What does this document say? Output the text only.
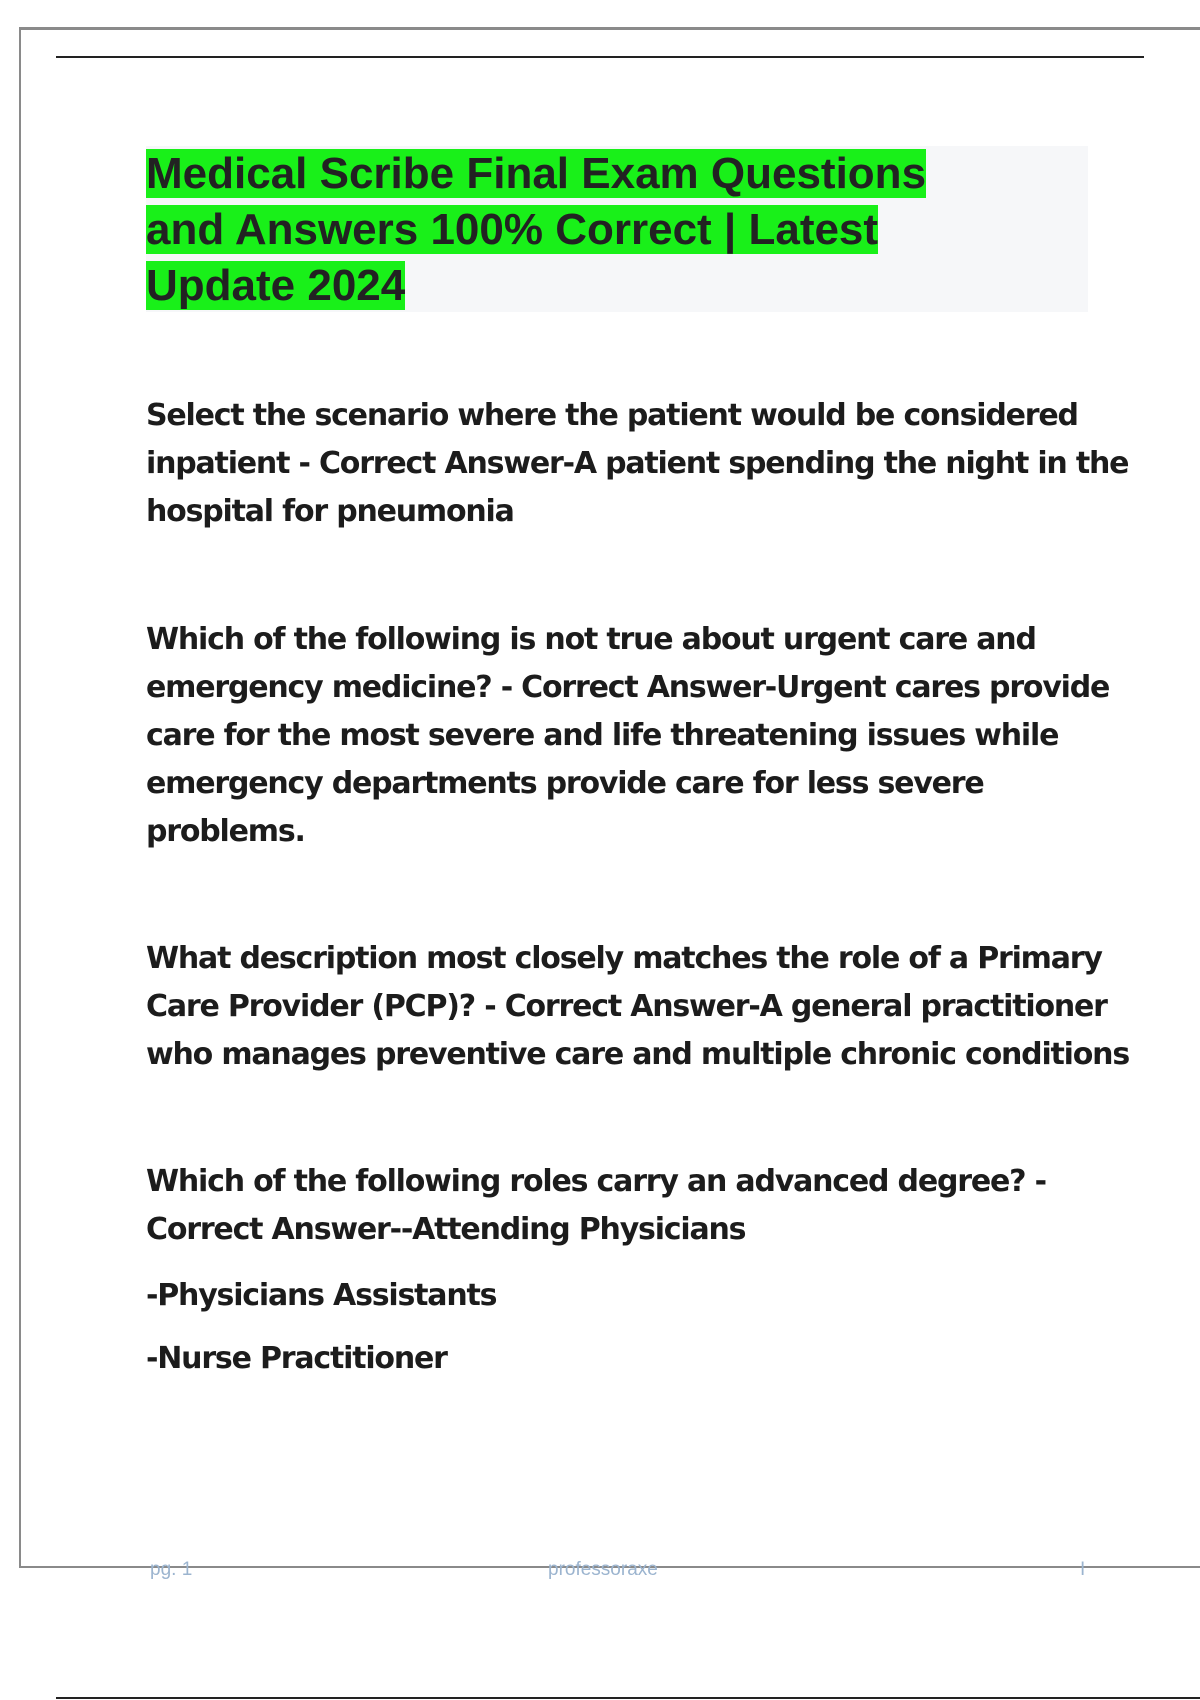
Medical Scribe Final Exam Questions
and Answers 100% Correct | Latest
Update 2024

Select the scenario where the patient would be considered
inpatient - Correct Answer-A patient spending the night in the
hospital for pneumonia

Which of the following is not true about urgent care and
emergency medicine? - Correct Answer-Urgent cares provide
care for the most severe and life threatening issues while
emergency departments provide care for less severe
problems.

What description most closely matches the role of a Primary
Care Provider (PCP)? - Correct Answer-A general practitioner
who manages preventive care and multiple chronic conditions

Which of the following roles carry an advanced degree? -
Correct Answer--Attending Physicians

-Physicians Assistants

-Nurse Practitioner

pg. 1	professoraxe	I
